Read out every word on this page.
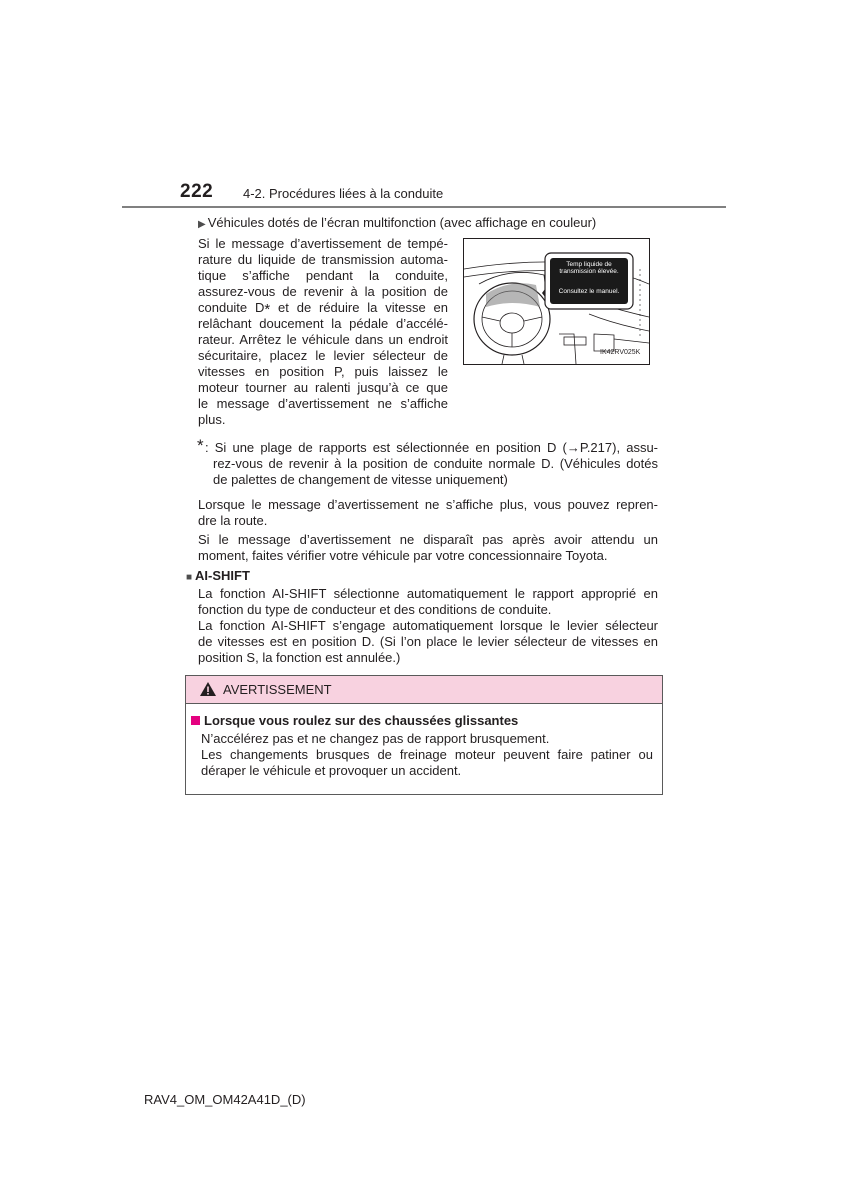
222 4-2. Procédures liées à la conduite
▶ Véhicules dotés de l’écran multifonction (avec affichage en couleur)
Si le message d’avertissement de tempé-
rature du liquide de transmission automa-
tique s’affiche pendant la conduite,
assurez-vous de revenir à la position de
conduite D* et de réduire la vitesse en
relâchant doucement la pédale d’accélé-
rateur. Arrêtez le véhicule dans un endroit
sécuritaire, placez le levier sélecteur de
vitesses en position P, puis laissez le
moteur tourner au ralenti jusqu’à ce que
le message d’avertissement ne s’affiche
plus.
Temp liquide de transmission élevée.
Consultez le manuel.
IK42RV025K
* : Si une plage de rapports est sélectionnée en position D (→P.217), assu-
rez-vous de revenir à la position de conduite normale D. (Véhicules dotés
de palettes de changement de vitesse uniquement)
Lorsque le message d’avertissement ne s’affiche plus, vous pouvez repren-
dre la route.
Si le message d’avertissement ne disparaît pas après avoir attendu un
moment, faites vérifier votre véhicule par votre concessionnaire Toyota.
■ AI-SHIFT
La fonction AI-SHIFT sélectionne automatiquement le rapport approprié en
fonction du type de conducteur et des conditions de conduite.
La fonction AI-SHIFT s’engage automatiquement lorsque le levier sélecteur
de vitesses est en position D. (Si l’on place le levier sélecteur de vitesses en
position S, la fonction est annulée.)
AVERTISSEMENT
Lorsque vous roulez sur des chaussées glissantes
N’accélérez pas et ne changez pas de rapport brusquement.
Les changements brusques de freinage moteur peuvent faire patiner ou
déraper le véhicule et provoquer un accident.
RAV4_OM_OM42A41D_(D)
